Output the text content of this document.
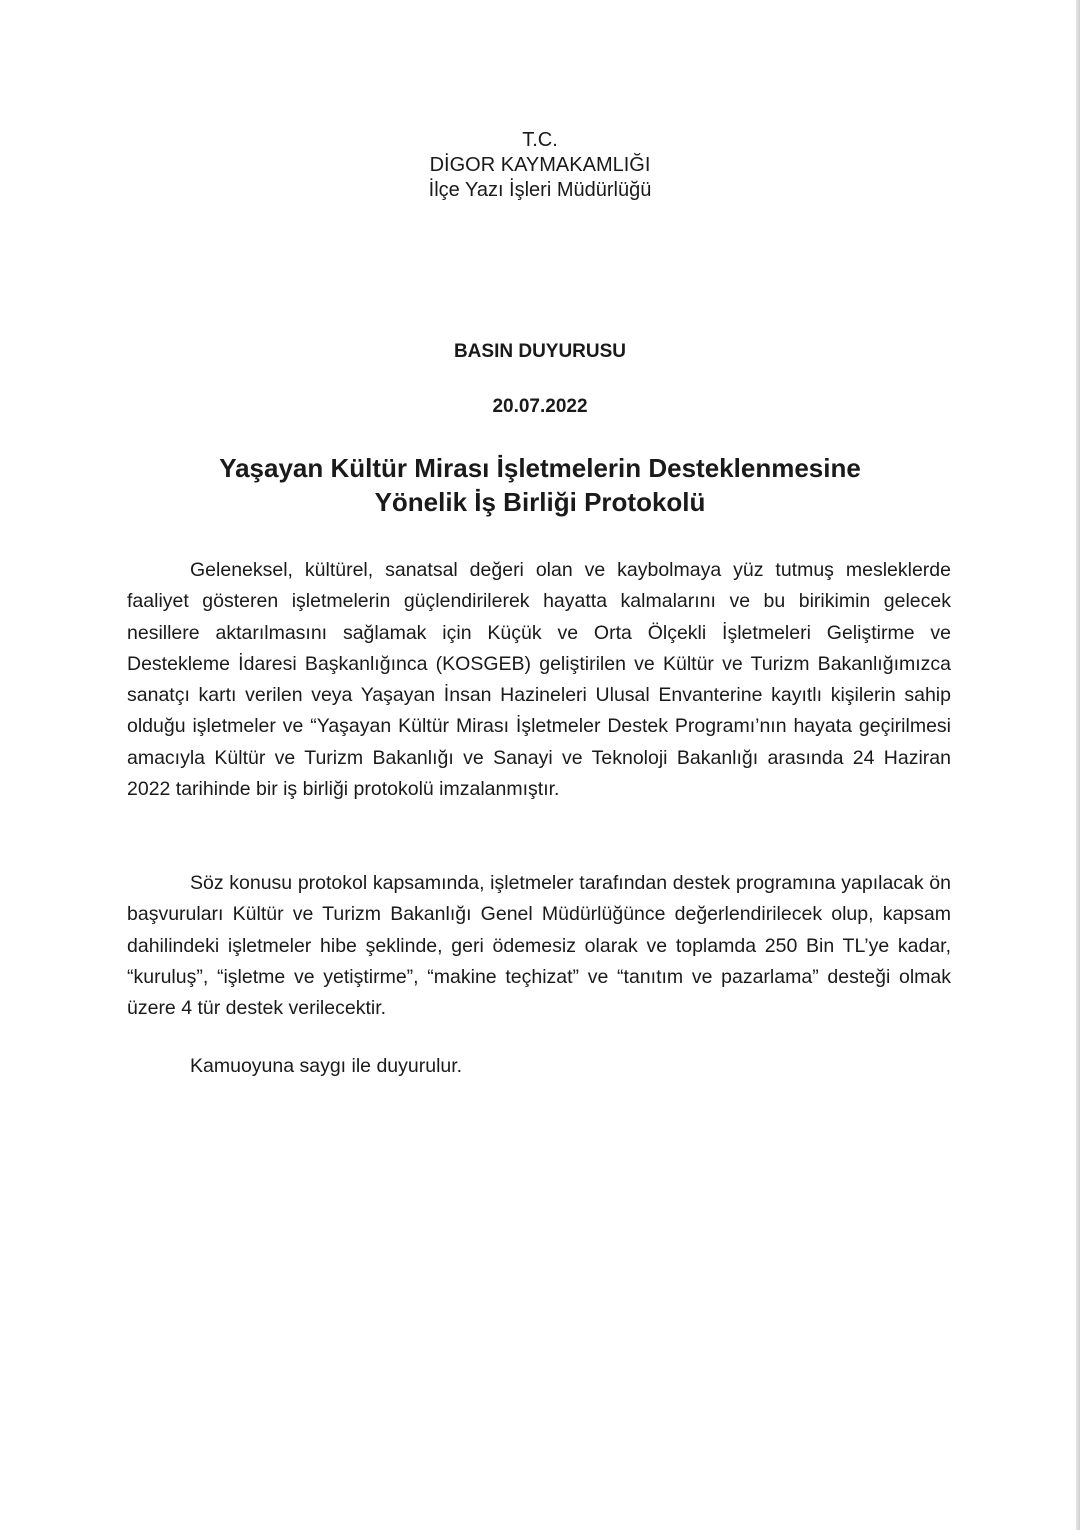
T.C.
DİGOR KAYMAKAMLIĞI
İlçe Yazı İşleri Müdürlüğü
BASIN DUYURUSU
20.07.2022
Yaşayan Kültür Mirası İşletmelerin Desteklenmesine
Yönelik İş Birliği Protokolü

Geleneksel, kültürel, sanatsal değeri olan ve kaybolmaya yüz tutmuş mesleklerde faaliyet gösteren işletmelerin güçlendirilerek hayatta kalmalarını ve bu birikimin gelecek nesillere aktarılmasını sağlamak için Küçük ve Orta Ölçekli İşletmeleri Geliştirme ve Destekleme İdaresi Başkanlığınca (KOSGEB) geliştirilen ve Kültür ve Turizm Bakanlığımızca sanatçı kartı verilen veya Yaşayan İnsan Hazineleri Ulusal Envanterine kayıtlı kişilerin sahip olduğu işletmeler ve “Yaşayan Kültür Mirası İşletmeler Destek Programı’nın hayata geçirilmesi amacıyla Kültür ve Turizm Bakanlığı ve Sanayi ve Teknoloji Bakanlığı arasında 24 Haziran 2022 tarihinde bir iş birliği protokolü imzalanmıştır.

Söz konusu protokol kapsamında, işletmeler tarafından destek programına yapılacak ön başvuruları Kültür ve Turizm Bakanlığı Genel Müdürlüğünce değerlendirilecek olup, kapsam dahilindeki işletmeler hibe şeklinde, geri ödemesiz olarak ve toplamda 250 Bin TL’ye kadar, “kuruluş”, “işletme ve yetiştirme”, “makine teçhizat” ve “tanıtım ve pazarlama” desteği olmak üzere 4 tür destek verilecektir.

Kamuoyuna saygı ile duyurulur.
